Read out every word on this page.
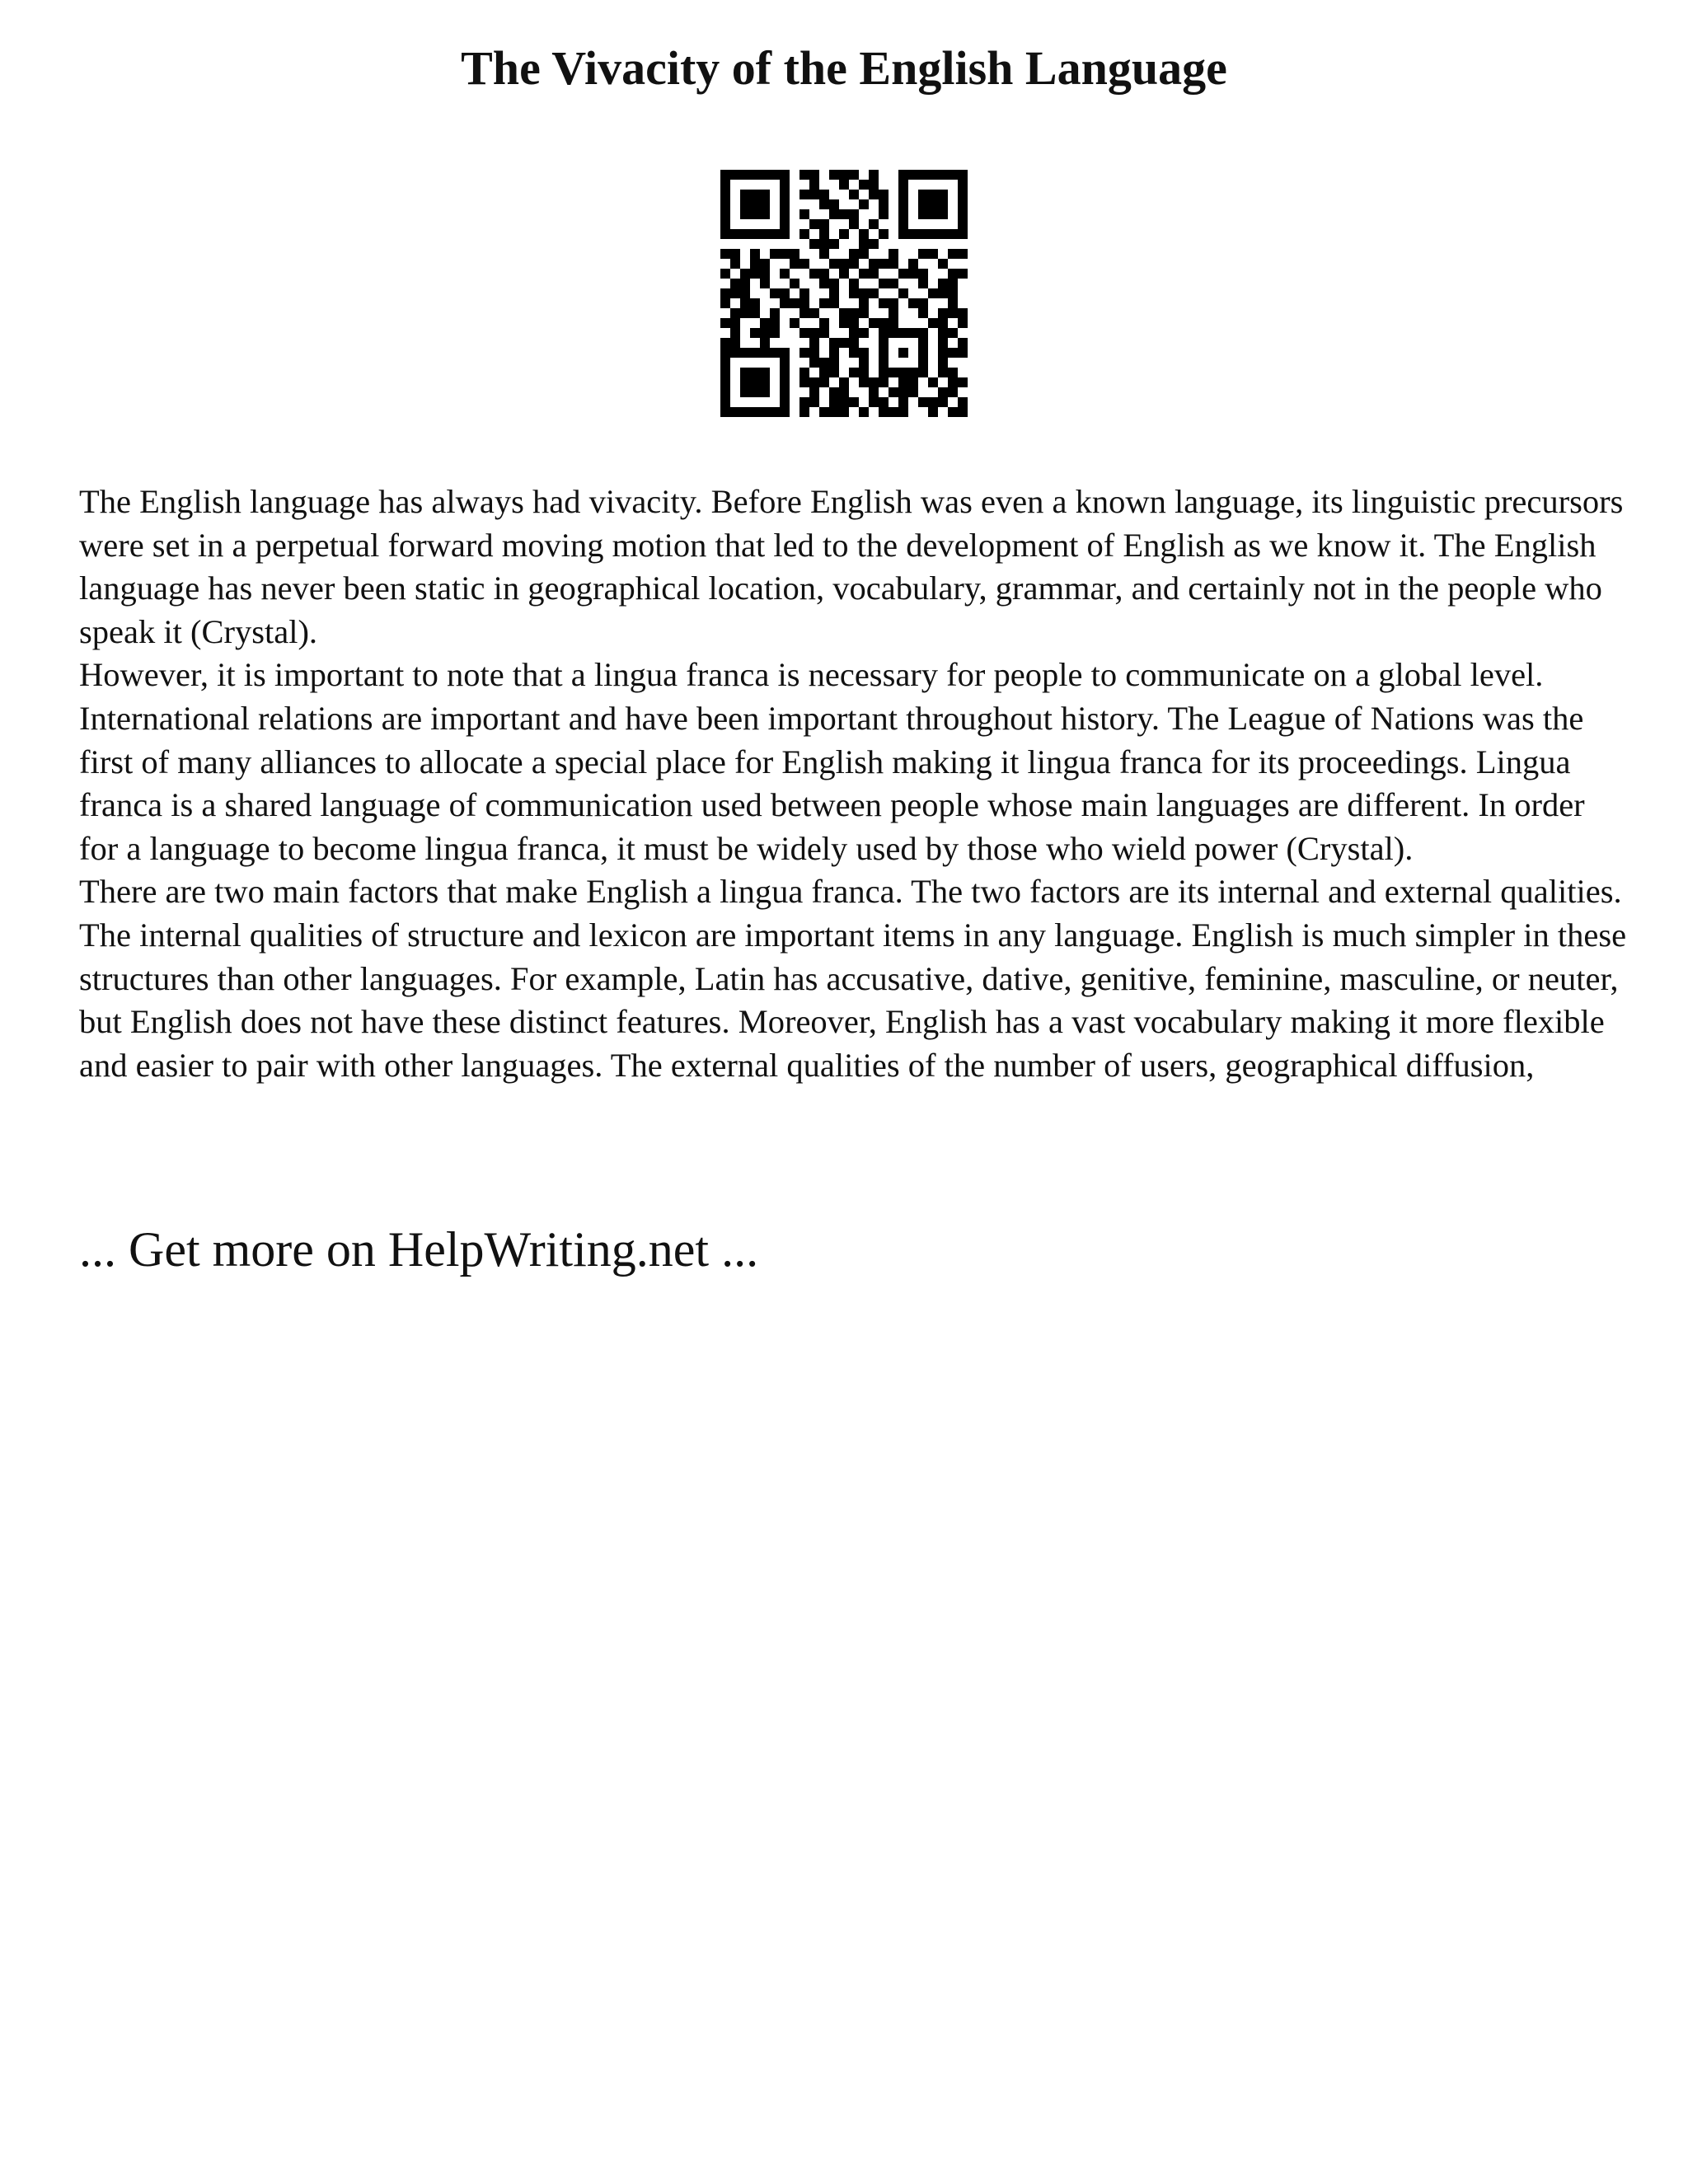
The Vivacity of the English Language

The English language has always had vivacity. Before English was even a known language, its linguistic precursors were set in a perpetual forward moving motion that led to the development of English as we know it. The English language has never been static in geographical location, vocabulary, grammar, and certainly not in the people who speak it (Crystal).

However, it is important to note that a lingua franca is necessary for people to communicate on a global level. International relations are important and have been important throughout history. The League of Nations was the first of many alliances to allocate a special place for English making it lingua franca for its proceedings. Lingua franca is a shared language of communication used between people whose main languages are different. In order for a language to become lingua franca, it must be widely used by those who wield power (Crystal).

There are two main factors that make English a lingua franca. The two factors are its internal and external qualities. The internal qualities of structure and lexicon are important items in any language. English is much simpler in these structures than other languages. For example, Latin has accusative, dative, genitive, feminine, masculine, or neuter, but English does not have these distinct features. Moreover, English has a vast vocabulary making it more flexible and easier to pair with other languages. The external qualities of the number of users, geographical diffusion,

... Get more on HelpWriting.net ...
